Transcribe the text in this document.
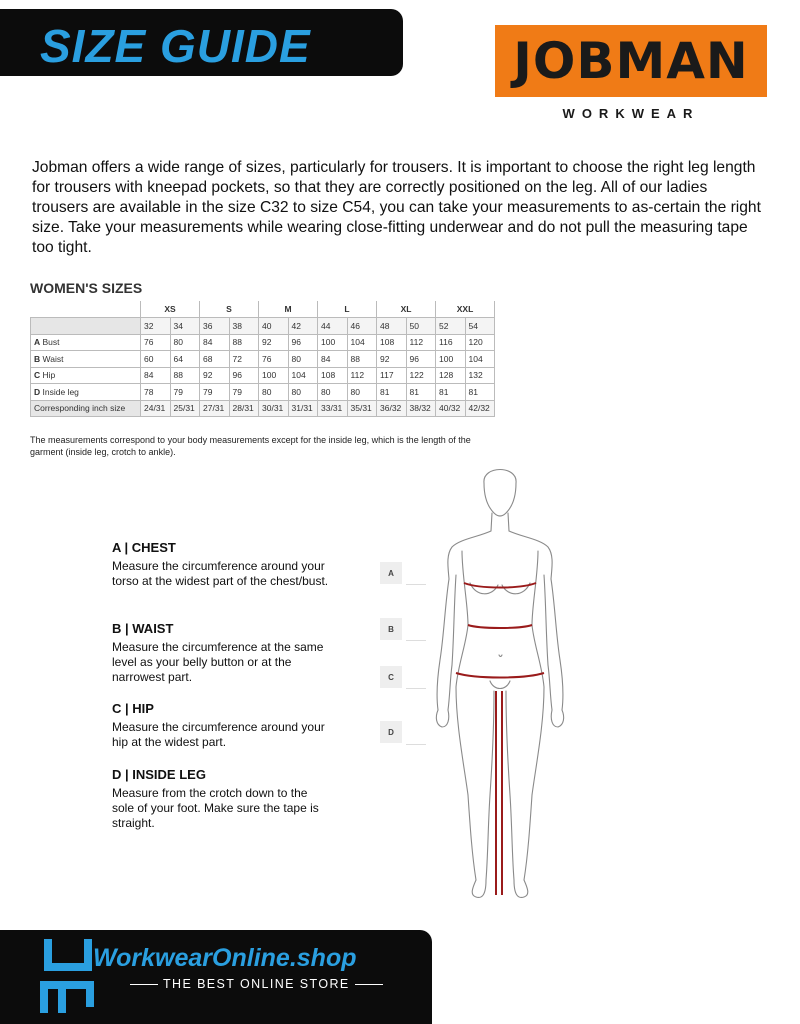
SIZE GUIDE	JOBMAN
WORKWEAR

Jobman offers a wide range of sizes, particularly for trousers. It is important to choose the right leg length for trousers with kneepad pockets, so that they are correctly positioned on the leg. All of our ladies trousers are available in the size C32 to size C54, you can take your measurements to as-certain the right size. Take your measurements while wearing close-fitting underwear and do not pull the measuring tape too tight.

WOMEN'S SIZES
	XS		S		M		L		XL		XXL	
	32	34	36	38	40	42	44	46	48	50	52	54
A Bust	76	80	84	88	92	96	100	104	108	112	116	120
B Waist	60	64	68	72	76	80	84	88	92	96	100	104
C Hip	84	88	92	96	100	104	108	112	117	122	128	132
D Inside leg	78	79	79	79	80	80	80	80	81	81	81	81
Corresponding inch size	24/31	25/31	27/31	28/31	30/31	31/31	33/31	35/31	36/32	38/32	40/32	42/32

The measurements correspond to your body measurements except for the inside leg, which is the length of the garment (inside leg, crotch to ankle).

A | CHEST

Measure the circumference around your torso at the widest part of the chest/bust.

B | WAIST

Measure the circumference at the same level as your belly button or at the narrowest part.

C | HIP

Measure the circumference around your hip at the widest part.

D | INSIDE LEG

Measure from the crotch down to the sole of your foot. Make sure the tape is straight.

A
B
C
D
WorkwearOnline.shop
THE BEST ONLINE STORE
